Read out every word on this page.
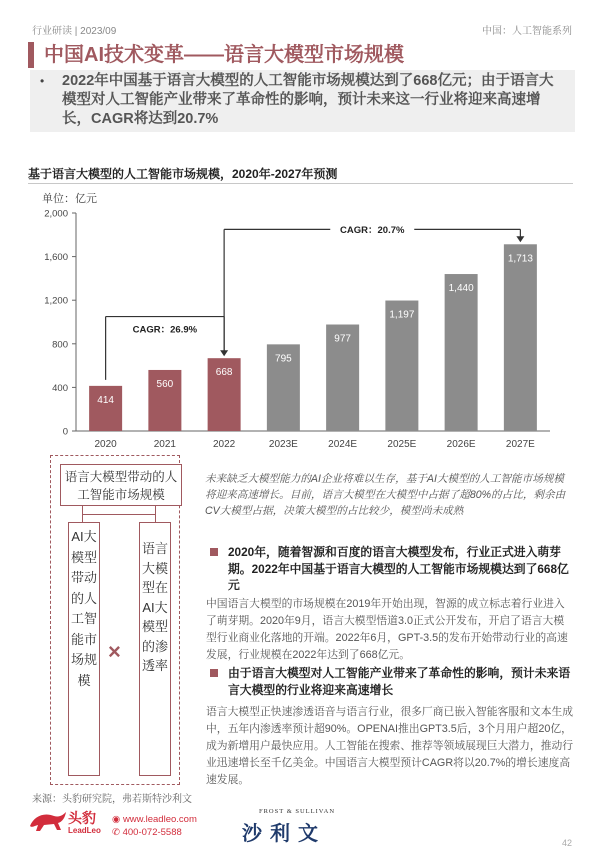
行业研读 | 2023/09	中国：人工智能系列
中国AI技术变革——语言大模型市场规模
• 2022年中国基于语言大模型的人工智能市场规模达到了668亿元；由于语言大模型对人工智能产业带来了革命性的影响，预计未来这一行业将迎来高速增长，CAGR将达到20.7%
基于语言大模型的人工智能市场规模，2020年-2027年预测
单位：亿元
0
400
800
1,200
1,600
2,000
414
2020
560
2021
668
2022
795
2023E
977
2024E
1,197
2025E
1,440
2026E
1,713
2027E
CAGR：26.9%
CAGR：20.7%
语言大模型带动的人工智能市场规模
AI大模型带动的人工智能市场规模
×
语言大模型在AI大模型的渗透率
未来缺乏大模型能力的AI企业将难以生存，基于AI大模型的人工智能市场规模将迎来高速增长。目前，语言大模型在大模型中占据了超80%的占比，剩余由CV大模型占据，决策大模型的占比较少，模型尚未成熟
2020年，随着智源和百度的语言大模型发布，行业正式进入萌芽期。2022年中国基于语言大模型的人工智能市场规模达到了668亿元
中国语言大模型的市场规模在2019年开始出现，智源的成立标志着行业进入了萌芽期。2020年9月，语言大模型悟道3.0正式公开发布，开启了语言大模型行业商业化落地的开端。2022年6月，GPT-3.5的发布开始带动行业的高速发展，行业规模在2022年达到了668亿元。
由于语言大模型对人工智能产业带来了革命性的影响，预计未来语言大模型的行业将迎来高速增长
语言大模型正快速渗透语音与语言行业，很多厂商已嵌入智能客服和文本生成中，五年内渗透率预计超90%。OPENAI推出GPT3.5后，3个月用户超20亿，成为新增用户最快应用。人工智能在搜索、推荐等领域展现巨大潜力，推动行业迅速增长至千亿美金。中国语言大模型预计CAGR将以20.7%的增长速度高速发展。
来源：头豹研究院，弗若斯特沙利文
头豹
LeadLeo
◉ www.leadleo.com
✆ 400-072-5588
FROST & SULLIVAN
沙利文	42
